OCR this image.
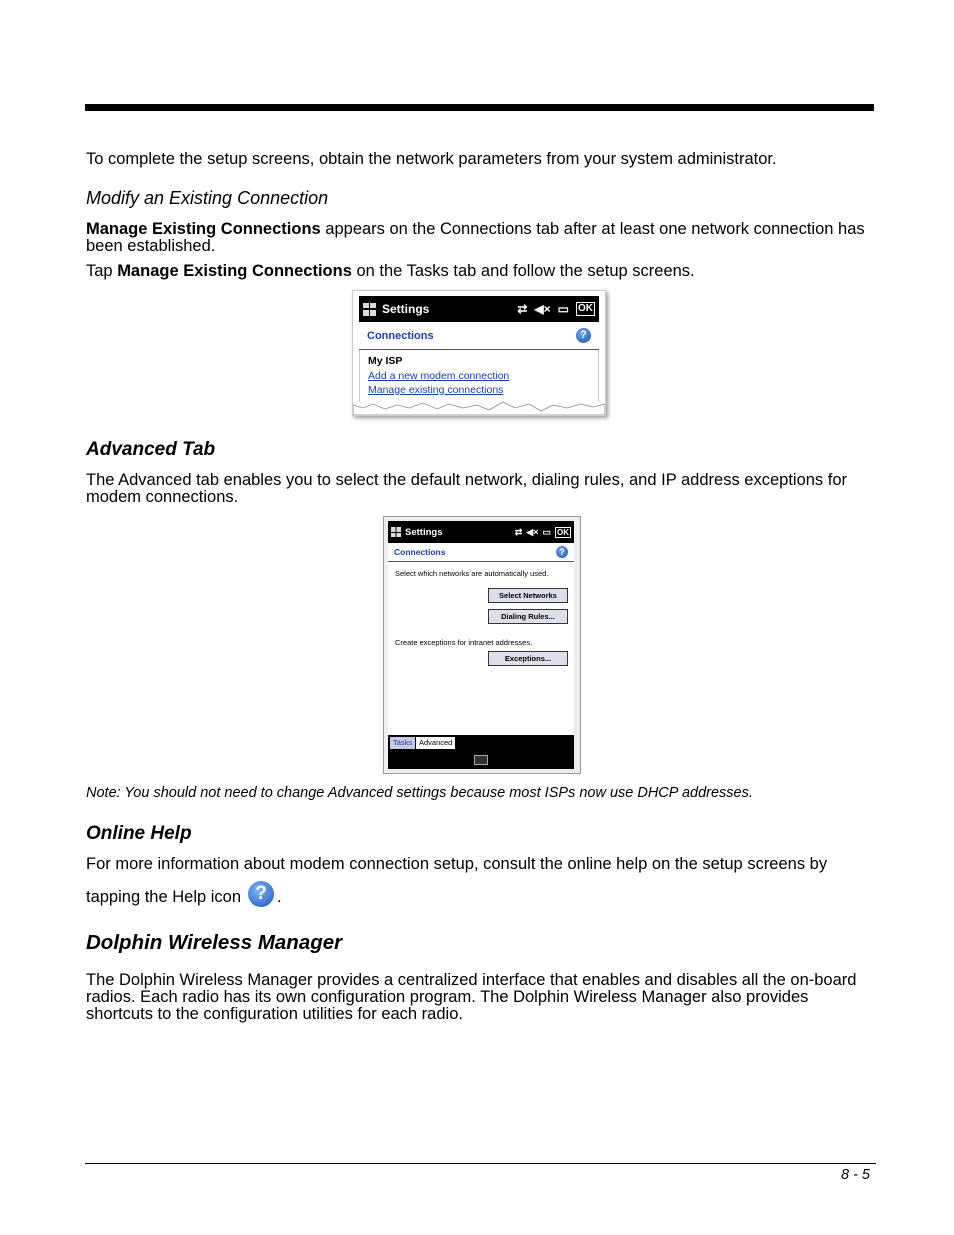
To complete the setup screens, obtain the network parameters from your system administrator.
Modify an Existing Connection
Manage Existing Connections appears on the Connections tab after at least one network connection has been established.
Tap Manage Existing Connections on the Tasks tab and follow the setup screens.
Settings	⇄ ◀× ▭ OK
Connections	?
My ISP
Add a new modem connection
Manage existing connections
Advanced Tab
The Advanced tab enables you to select the default network, dialing rules, and IP address exceptions for modem connections.
Settings	⇄ ◀× ▭ OK
Connections	?
Select which networks are automatically used.
Select Networks
Dialing Rules...
Create exceptions for intranet addresses.
Exceptions...
Tasks Advanced
Note: You should not need to change Advanced settings because most ISPs now use DHCP addresses.
Online Help
For more information about modem connection setup, consult the online help on the setup screens by
tapping the Help icon ? .
Dolphin Wireless Manager
The Dolphin Wireless Manager provides a centralized interface that enables and disables all the on-board radios. Each radio has its own configuration program. The Dolphin Wireless Manager also provides shortcuts to the configuration utilities for each radio.
8 - 5
